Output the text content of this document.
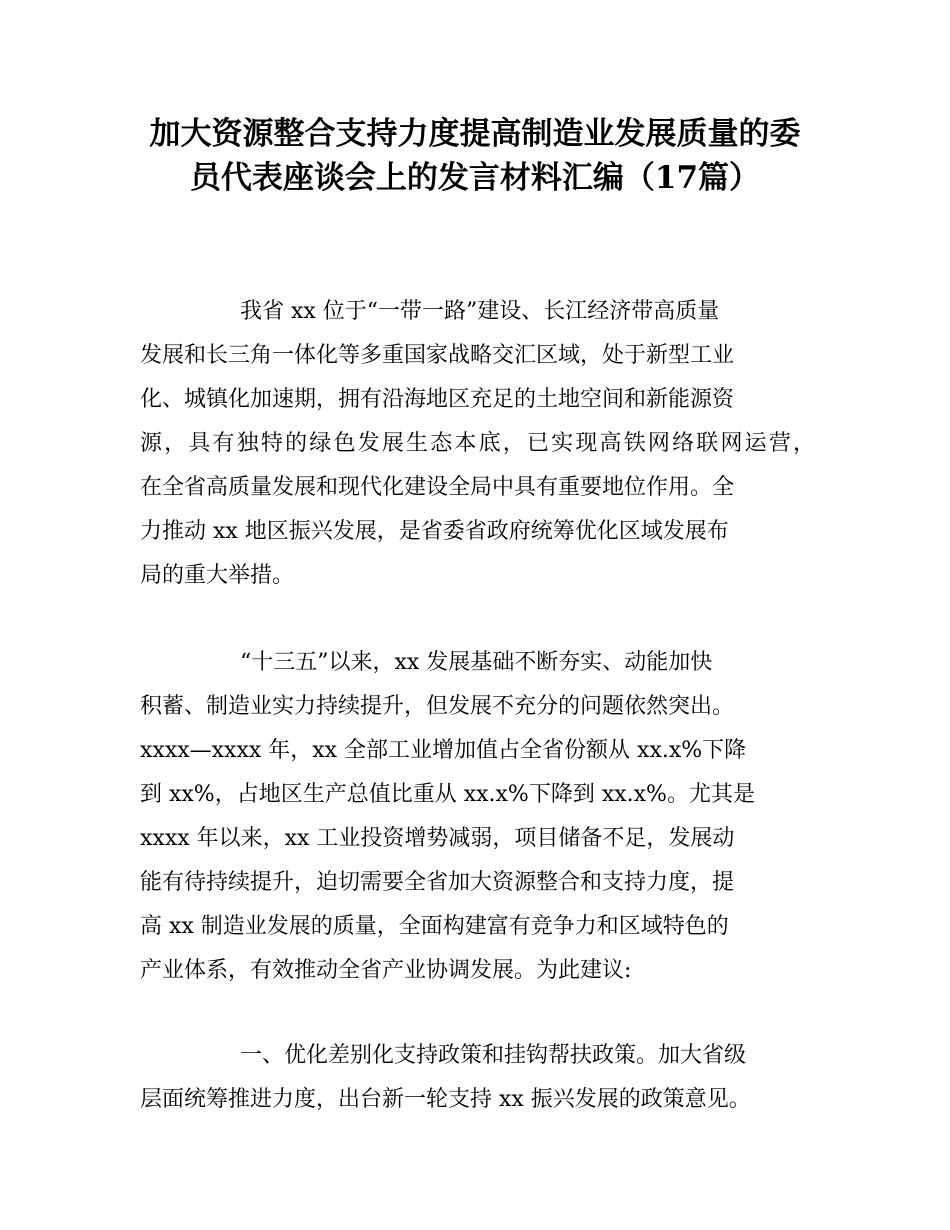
加大资源整合支持力度提高制造业发展质量的委员代表座谈会上的发言材料汇编（17篇）

我省 xx 位于“一带一路”建设、长江经济带高质量

发展和长三角一体化等多重国家战略交汇区域，处于新型工业

化、城镇化加速期，拥有沿海地区充足的土地空间和新能源资

源，具有独特的绿色发展生态本底，已实现高铁网络联网运营，

在全省高质量发展和现代化建设全局中具有重要地位作用。全

力推动 xx 地区振兴发展，是省委省政府统筹优化区域发展布

局的重大举措。

“十三五”以来，xx 发展基础不断夯实、动能加快

积蓄、制造业实力持续提升，但发展不充分的问题依然突出。

xxxx—xxxx 年，xx 全部工业增加值占全省份额从 xx.x%下降

到 xx%，占地区生产总值比重从 xx.x%下降到 xx.x%。尤其是

xxxx 年以来，xx 工业投资增势减弱，项目储备不足，发展动

能有待持续提升，迫切需要全省加大资源整合和支持力度，提

高 xx 制造业发展的质量，全面构建富有竞争力和区域特色的

产业体系，有效推动全省产业协调发展。为此建议:

一、优化差别化支持政策和挂钩帮扶政策。加大省级

层面统筹推进力度，出台新一轮支持 xx 振兴发展的政策意见。
